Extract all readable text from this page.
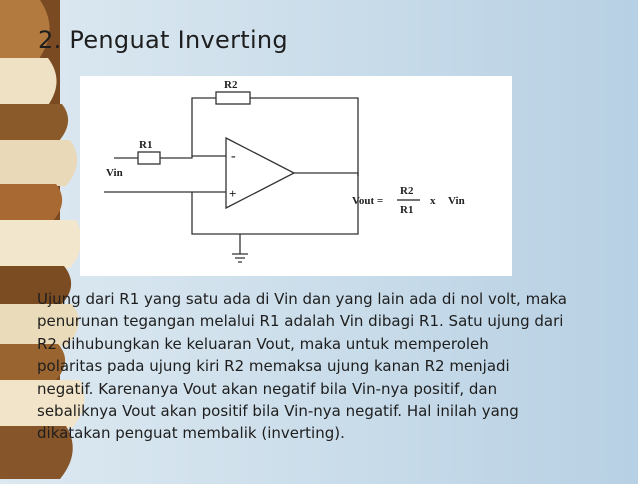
2. Penguat Inverting
R2
R1
Vin
-
+	Vout =
R2
R1
x Vin
Ujung dari R1 yang satu ada di Vin dan yang lain ada di nol volt, maka
penurunan tegangan melalui R1 adalah Vin dibagi R1. Satu ujung dari
R2 dihubungkan ke keluaran Vout, maka untuk memperoleh
polaritas pada ujung kiri R2 memaksa ujung kanan R2 menjadi
negatif. Karenanya Vout akan negatif bila Vin-nya positif, dan
sebaliknya Vout akan positif bila Vin-nya negatif. Hal inilah yang
dikatakan penguat membalik (inverting).
